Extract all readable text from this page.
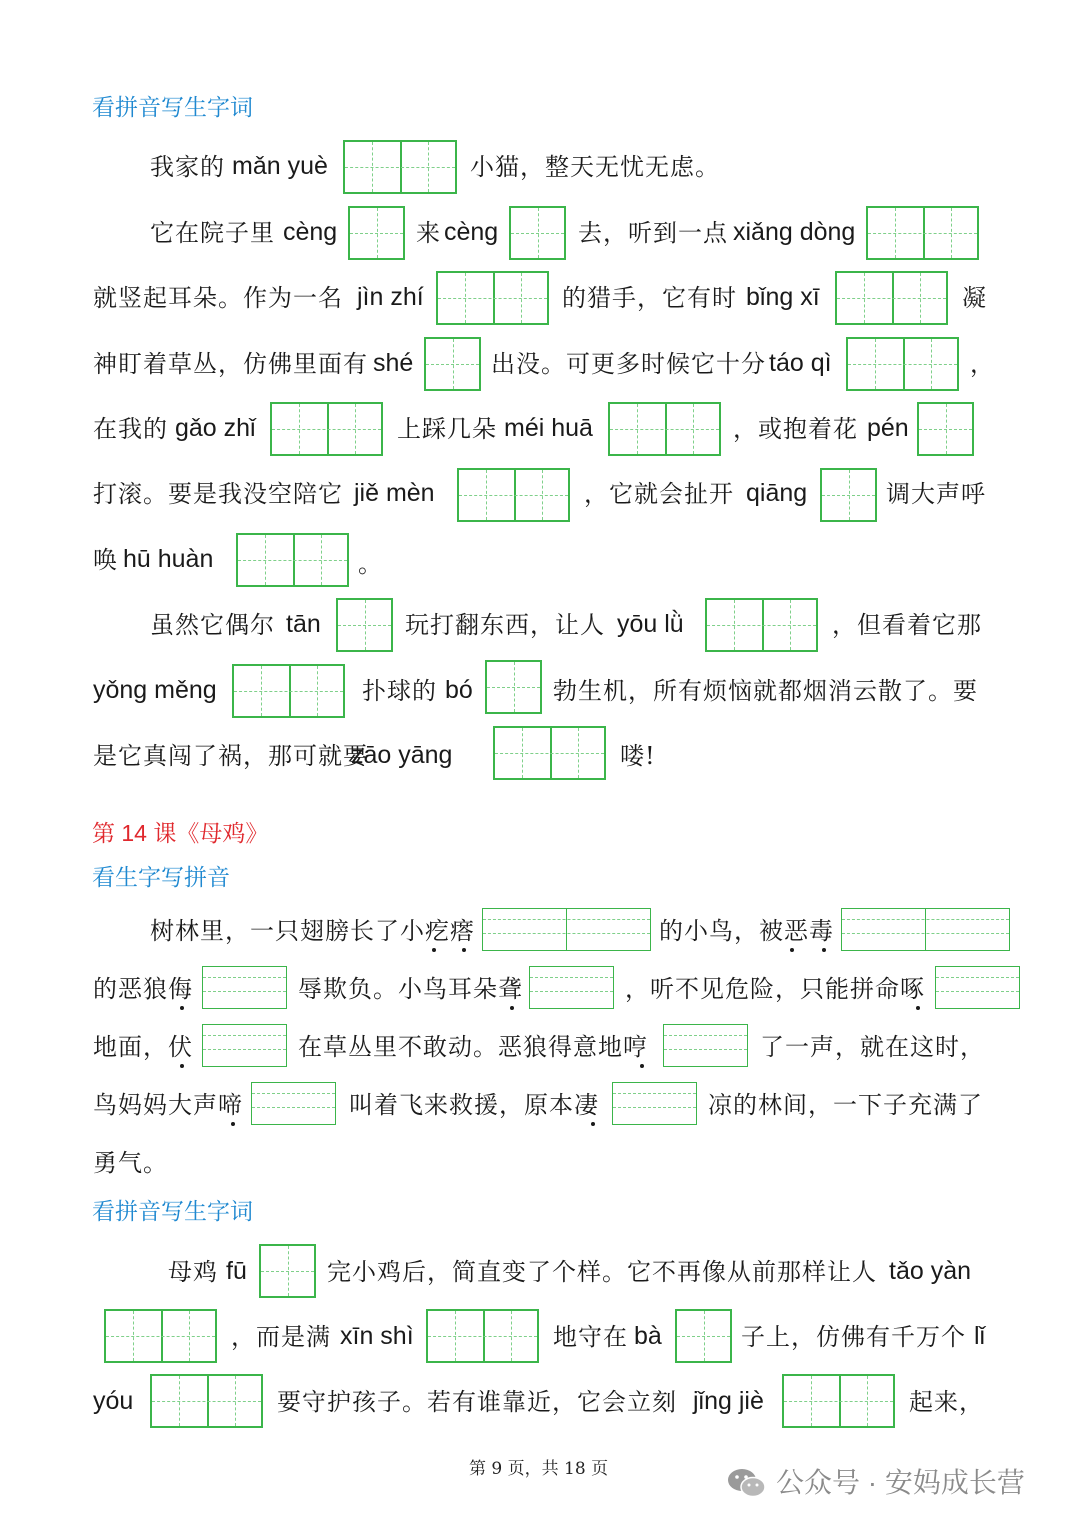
看拼音写生字词
我家的 mǎn yuè	小猫，整天无忧无虑。
它在院子里 cèng	来 cèng	去，听到一点 xiǎng dòng
就竖起耳朵。作为一名 jìn zhí	的猎手，它有时 bǐng xī	凝
神盯着草丛，仿佛里面有 shé	出没。可更多时候它十分 táo qì	，
在我的 gǎo zhǐ	上踩几朵 méi huā	，或抱着花 pén
打滚。要是我没空陪它 jiě mèn	，它就会扯开 qiāng	调大声呼
唤 hū huàn	。
虽然它偶尔 tān	玩打翻东西，让人 yōu lǜ	，但看着它那
yǒng měng	扑球的 bó	勃生机，所有烦恼就都烟消云散了。要
是它真闯了祸，那可就要
zāo yāng	喽!
第 14 课《母鸡》
看生字写拼音
树林里，一只翅膀长了小疙瘩	的小鸟，被恶毒
的恶狼侮	辱欺负。小鸟耳朵聋	，听不见危险，只能拼命啄
地面，伏	在草丛里不敢动。恶狼得意地哼	了一声，就在这时，
鸟妈妈大声啼	叫着飞来救援，原本凄	凉的林间，一下子充满了
勇气。
看拼音写生字词
母鸡 fū	完小鸡后，简直变了个样。它不再像从前那样让人 tǎo yàn
，而是满 xīn shì	地守在 bà	子上，仿佛有千万个 lǐ
yóu	要守护孩子。若有谁靠近，它会立刻 jǐng jiè	起来，
第 9 页，共 18 页	公众号 · 安妈成长营
